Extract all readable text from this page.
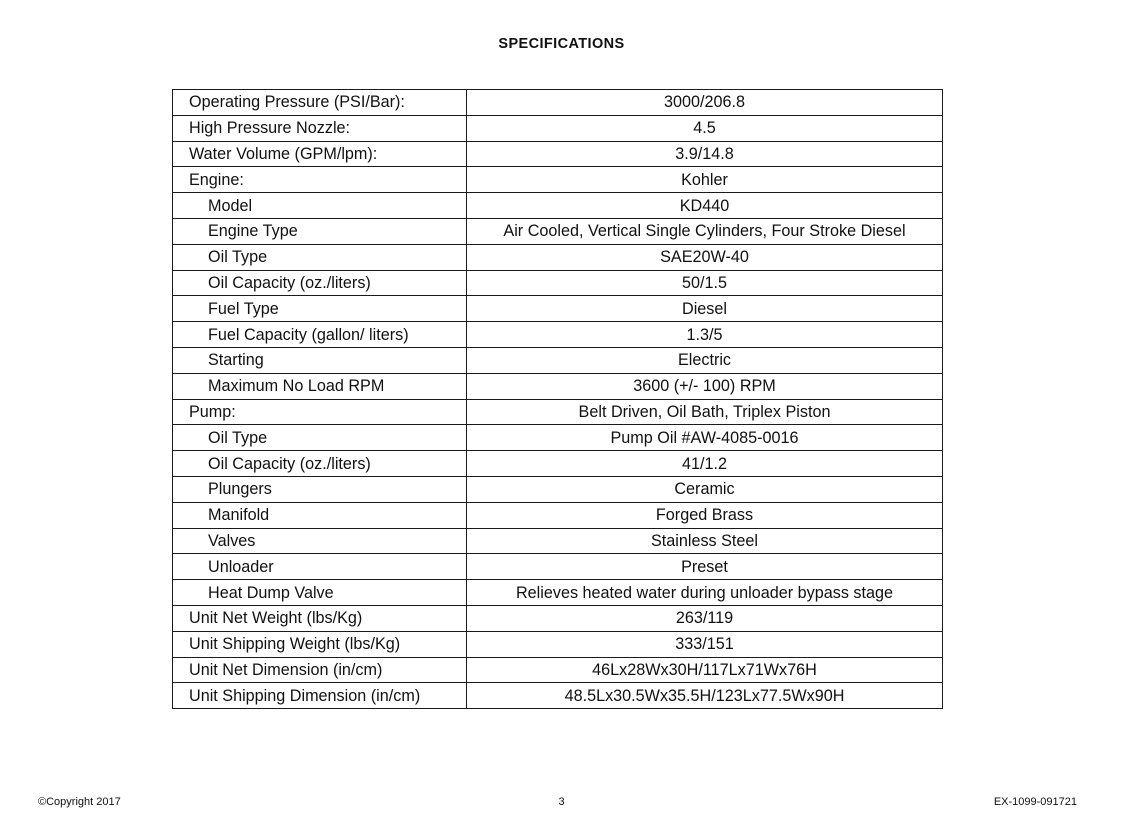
SPECIFICATIONS
Operating Pressure (PSI/Bar):	3000/206.8
High Pressure Nozzle:	4.5
Water Volume (GPM/lpm):	3.9/14.8
Engine:	Kohler
Model	KD440
Engine Type	Air Cooled, Vertical Single Cylinders, Four Stroke Diesel
Oil Type	SAE20W-40
Oil Capacity (oz./liters)	50/1.5
Fuel Type	Diesel
Fuel Capacity (gallon/ liters)	1.3/5
Starting	Electric
Maximum No Load RPM	3600 (+/- 100) RPM
Pump:	Belt Driven, Oil Bath, Triplex Piston
Oil Type	Pump Oil #AW-4085-0016
Oil Capacity (oz./liters)	41/1.2
Plungers	Ceramic
Manifold	Forged Brass
Valves	Stainless Steel
Unloader	Preset
Heat Dump Valve	Relieves heated water during unloader bypass stage
Unit Net Weight (lbs/Kg)	263/119
Unit Shipping Weight (lbs/Kg)	333/151
Unit Net Dimension (in/cm)	46Lx28Wx30H/117Lx71Wx76H
Unit Shipping Dimension (in/cm)	48.5Lx30.5Wx35.5H/123Lx77.5Wx90H
©Copyright 2017	3	EX-1099-091721
